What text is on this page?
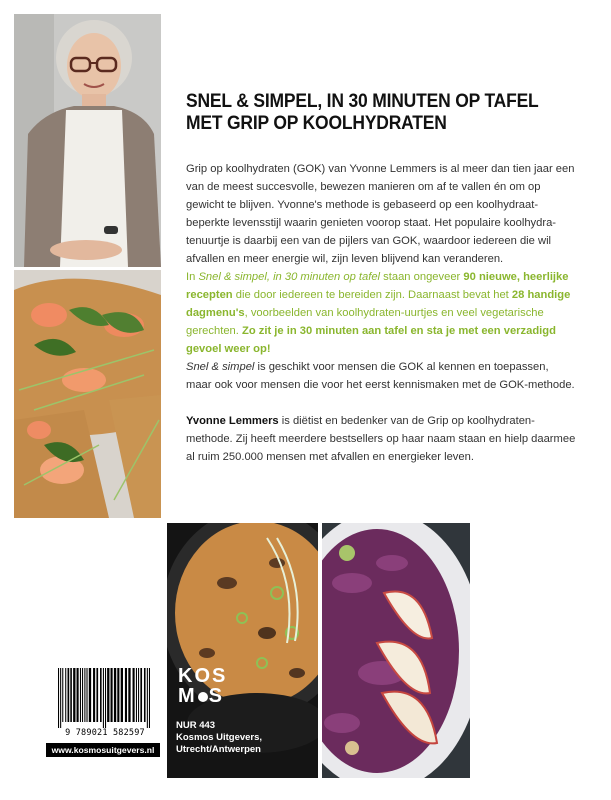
SNEL & SIMPEL, IN 30 MINUTEN OP TAFEL
MET GRIP OP KOOLHYDRATEN

Grip op koolhydraten (GOK) van Yvonne Lemmers is al meer dan tien jaar een van de meest succesvolle, bewezen manieren om af te vallen én om op gewicht te blijven. Yvonne's methode is gebaseerd op een koolhydraat-beperkte levensstijl waarin genieten voorop staat. Het populaire koolhydra-tenuurtje is daarbij een van de pijlers van GOK, waardoor iedereen die wil afvallen en meer energie wil, zijn leven blijvend kan veranderen.

In Snel & simpel, in 30 minuten op tafel staan ongeveer 90 nieuwe, heerlijke recepten die door iedereen te bereiden zijn. Daarnaast bevat het 28 handige dagmenu's, voorbeelden van koolhydraten-uurtjes en veel vegetarische gerechten. Zo zit je in 30 minuten aan tafel en sta je met een verzadigd gevoel weer op!

Snel & simpel is geschikt voor mensen die GOK al kennen en toepassen, maar ook voor mensen die voor het eerst kennismaken met de GOK-methode.

Yvonne Lemmers is diëtist en bedenker van de Grip op koolhydraten-methode. Zij heeft meerdere bestsellers op haar naam staan en hielp daarmee al ruim 250.000 mensen met afvallen en energieker leven.

KOS
M S
NUR 443
Kosmos Uitgevers,
Utrecht/Antwerpen
9 789021 582597
www.kosmosuitgevers.nl
